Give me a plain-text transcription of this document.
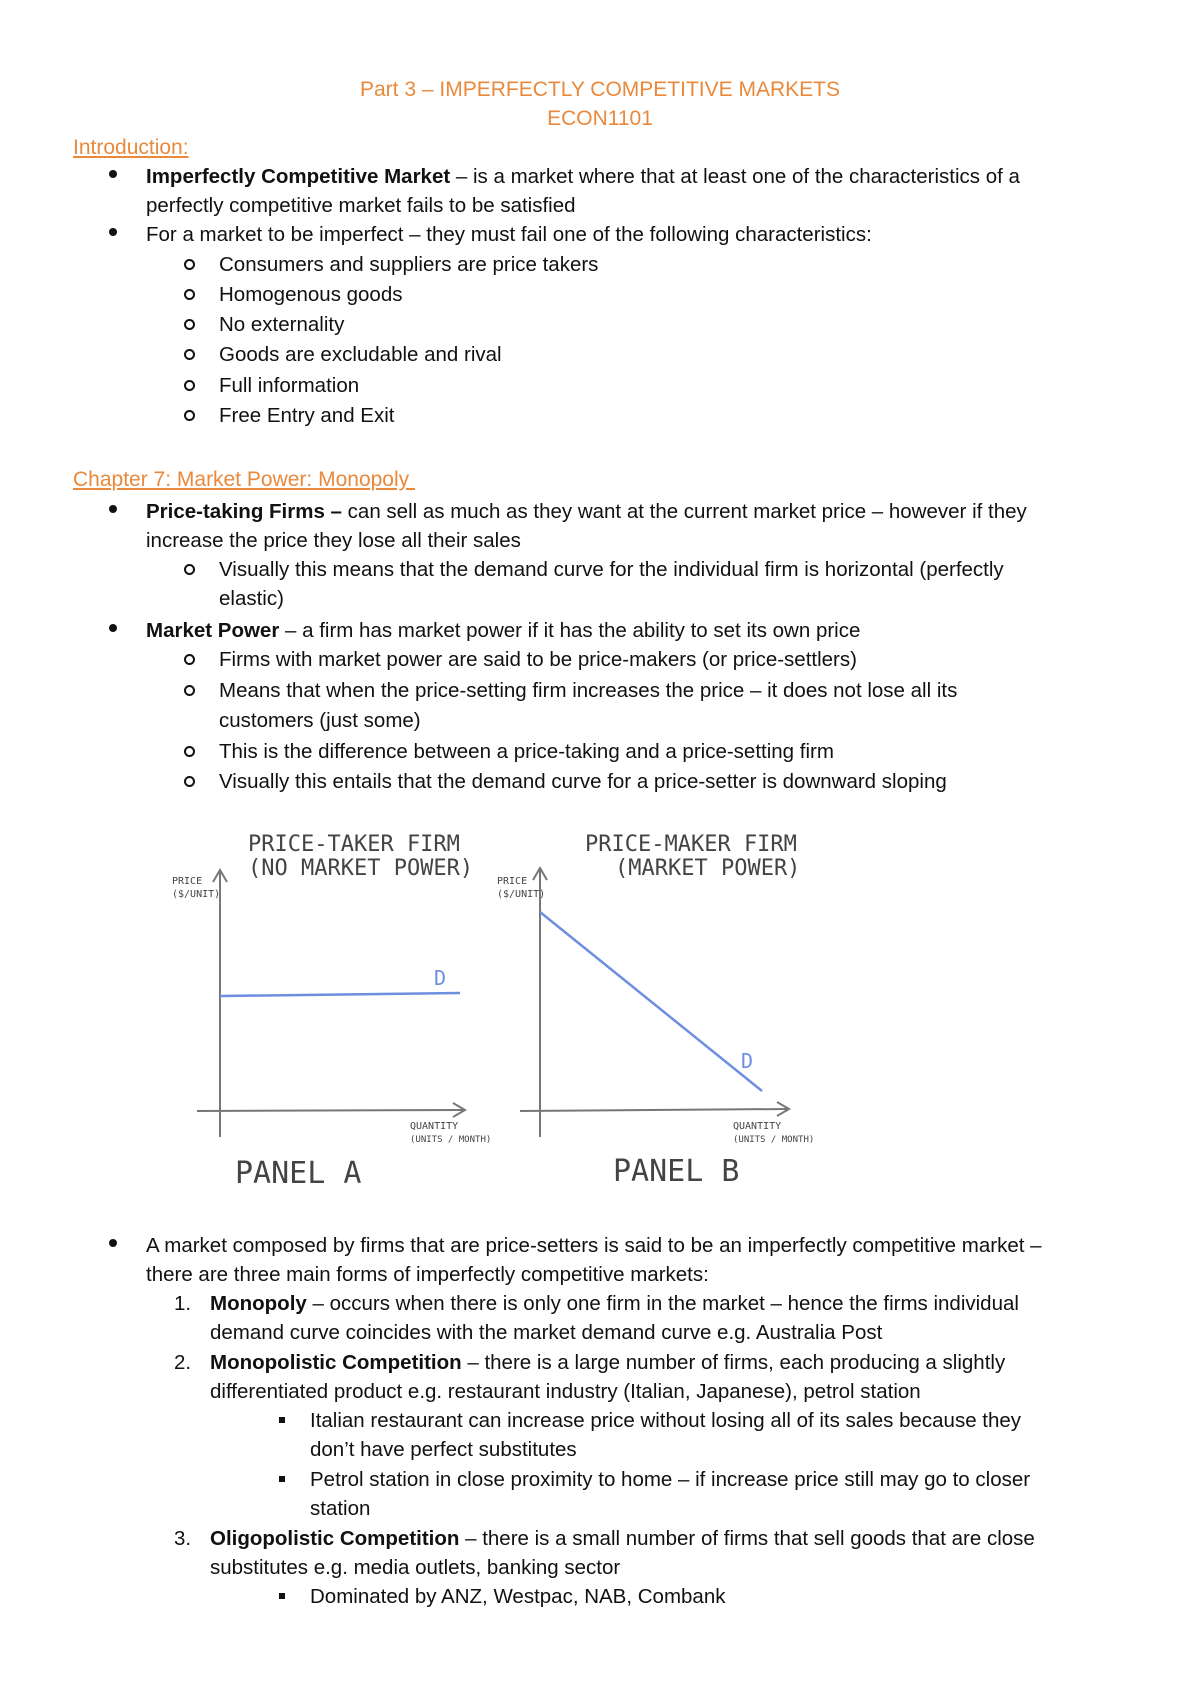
Part 3 – IMPERFECTLY COMPETITIVE MARKETS
ECON1101
Introduction:
Imperfectly Competitive Market – is a market where that at least one of the characteristics of a
perfectly competitive market fails to be satisfied
For a market to be imperfect – they must fail one of the following characteristics:
Consumers and suppliers are price takers
Homogenous goods
No externality
Goods are excludable and rival
Full information
Free Entry and Exit
Chapter 7: Market Power: Monopoly
Price-taking Firms – can sell as much as they want at the current market price – however if they
increase the price they lose all their sales
Visually this means that the demand curve for the individual firm is horizontal (perfectly
elastic)
Market Power – a firm has market power if it has the ability to set its own price
Firms with market power are said to be price-makers (or price-settlers)
Means that when the price-setting firm increases the price – it does not lose all its
customers (just some)
This is the difference between a price-taking and a price-setting firm
Visually this entails that the demand curve for a price-setter is downward sloping
PRICE-TAKER FIRM
(NO MARKET POWER)
PRICE
($/UNIT)
D
QUANTITY
(UNITS / MONTH)
PANEL A
PRICE-MAKER FIRM
(MARKET POWER)
PRICE
($/UNIT)
D
QUANTITY
(UNITS / MONTH)
PANEL B
A market composed by firms that are price-setters is said to be an imperfectly competitive market –
there are three main forms of imperfectly competitive markets:
1. Monopoly – occurs when there is only one firm in the market – hence the firms individual
demand curve coincides with the market demand curve e.g. Australia Post
2. Monopolistic Competition – there is a large number of firms, each producing a slightly
differentiated product e.g. restaurant industry (Italian, Japanese), petrol station
Italian restaurant can increase price without losing all of its sales because they
don’t have perfect substitutes
Petrol station in close proximity to home – if increase price still may go to closer
station
3. Oligopolistic Competition – there is a small number of firms that sell goods that are close
substitutes e.g. media outlets, banking sector
Dominated by ANZ, Westpac, NAB, Combank
